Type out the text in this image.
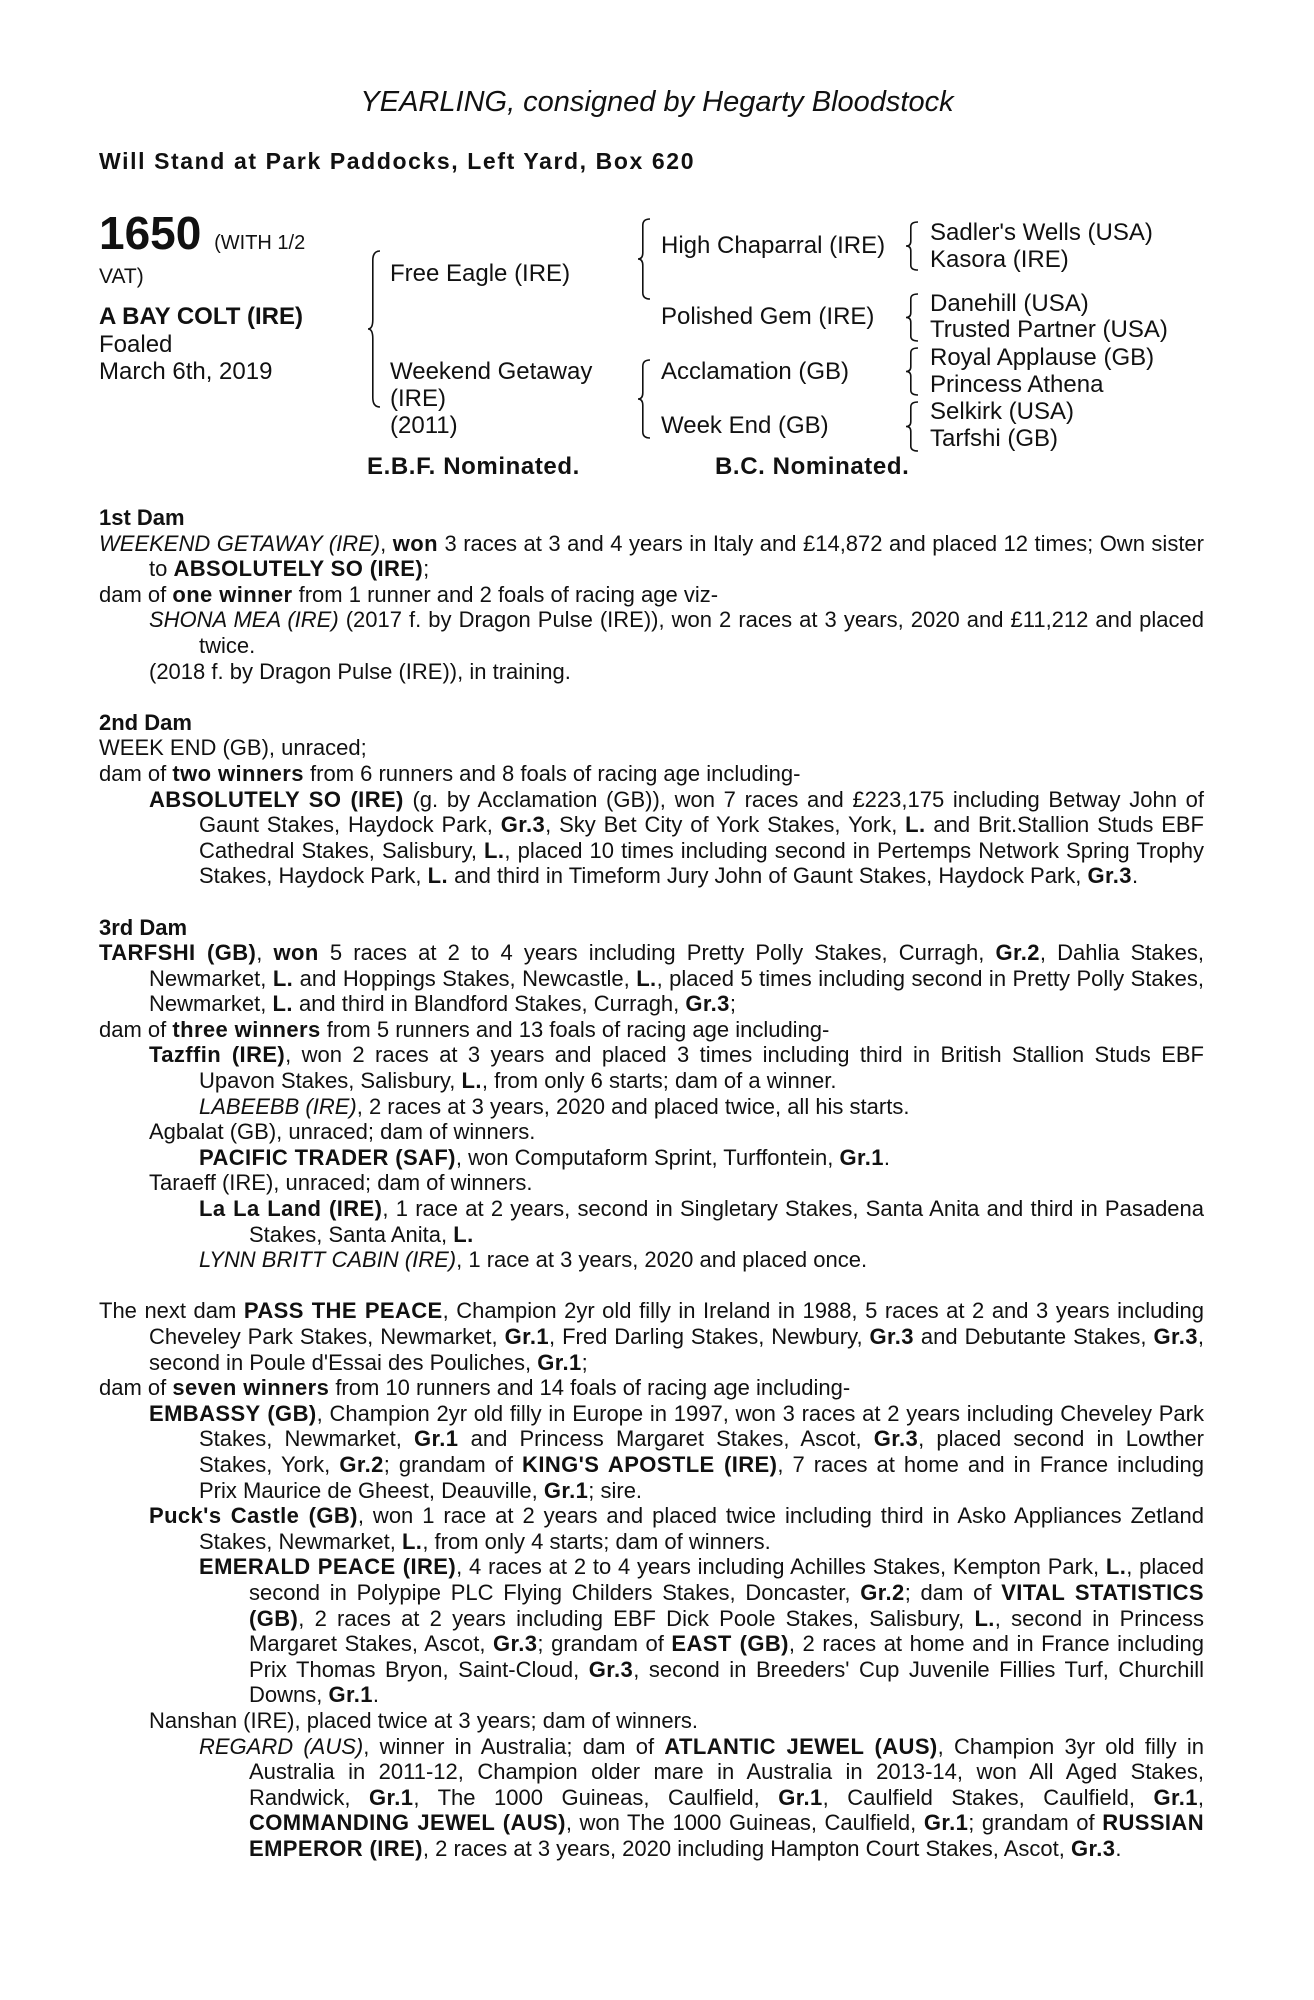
YEARLING, consigned by Hegarty Bloodstock
Will Stand at Park Paddocks, Left Yard, Box 620
1650 (WITH 1/2
VAT)
A BAY COLT (IRE)
Foaled
March 6th, 2019
Free Eagle (IRE)
Weekend Getaway
(IRE)
(2011)
High Chaparral (IRE)
Polished Gem (IRE)
Acclamation (GB)
Week End (GB)
Sadler's Wells (USA)
Kasora (IRE)
Danehill (USA)
Trusted Partner (USA)
Royal Applause (GB)
Princess Athena
Selkirk (USA)
Tarfshi (GB)
E.B.F. Nominated.	B.C. Nominated.
1st Dam
WEEKEND GETAWAY (IRE), won 3 races at 3 and 4 years in Italy and £14,872 and placed 12 times; Own sister to ABSOLUTELY SO (IRE);
dam of one winner from 1 runner and 2 foals of racing age viz-
SHONA MEA (IRE) (2017 f. by Dragon Pulse (IRE)), won 2 races at 3 years, 2020 and £11,212 and placed twice.
(2018 f. by Dragon Pulse (IRE)), in training.
2nd Dam
WEEK END (GB), unraced;
dam of two winners from 6 runners and 8 foals of racing age including-
ABSOLUTELY SO (IRE) (g. by Acclamation (GB)), won 7 races and £223,175 including Betway John of Gaunt Stakes, Haydock Park, Gr.3, Sky Bet City of York Stakes, York, L. and Brit.Stallion Studs EBF Cathedral Stakes, Salisbury, L., placed 10 times including second in Pertemps Network Spring Trophy Stakes, Haydock Park, L. and third in Timeform Jury John of Gaunt Stakes, Haydock Park, Gr.3.
3rd Dam
TARFSHI (GB), won 5 races at 2 to 4 years including Pretty Polly Stakes, Curragh, Gr.2, Dahlia Stakes, Newmarket, L. and Hoppings Stakes, Newcastle, L., placed 5 times including second in Pretty Polly Stakes, Newmarket, L. and third in Blandford Stakes, Curragh, Gr.3;
dam of three winners from 5 runners and 13 foals of racing age including-
Tazffin (IRE), won 2 races at 3 years and placed 3 times including third in British Stallion Studs EBF Upavon Stakes, Salisbury, L., from only 6 starts; dam of a winner.
LABEEBB (IRE), 2 races at 3 years, 2020 and placed twice, all his starts.
Agbalat (GB), unraced; dam of winners.
PACIFIC TRADER (SAF), won Computaform Sprint, Turffontein, Gr.1.
Taraeff (IRE), unraced; dam of winners.
La La Land (IRE), 1 race at 2 years, second in Singletary Stakes, Santa Anita and third in Pasadena Stakes, Santa Anita, L.
LYNN BRITT CABIN (IRE), 1 race at 3 years, 2020 and placed once.
The next dam PASS THE PEACE, Champion 2yr old filly in Ireland in 1988, 5 races at 2 and 3 years including Cheveley Park Stakes, Newmarket, Gr.1, Fred Darling Stakes, Newbury, Gr.3 and Debutante Stakes, Gr.3, second in Poule d'Essai des Pouliches, Gr.1;
dam of seven winners from 10 runners and 14 foals of racing age including-
EMBASSY (GB), Champion 2yr old filly in Europe in 1997, won 3 races at 2 years including Cheveley Park Stakes, Newmarket, Gr.1 and Princess Margaret Stakes, Ascot, Gr.3, placed second in Lowther Stakes, York, Gr.2; grandam of KING'S APOSTLE (IRE), 7 races at home and in France including Prix Maurice de Gheest, Deauville, Gr.1; sire.
Puck's Castle (GB), won 1 race at 2 years and placed twice including third in Asko Appliances Zetland Stakes, Newmarket, L., from only 4 starts; dam of winners.
EMERALD PEACE (IRE), 4 races at 2 to 4 years including Achilles Stakes, Kempton Park, L., placed second in Polypipe PLC Flying Childers Stakes, Doncaster, Gr.2; dam of VITAL STATISTICS (GB), 2 races at 2 years including EBF Dick Poole Stakes, Salisbury, L., second in Princess Margaret Stakes, Ascot, Gr.3; grandam of EAST (GB), 2 races at home and in France including Prix Thomas Bryon, Saint-Cloud, Gr.3, second in Breeders' Cup Juvenile Fillies Turf, Churchill Downs, Gr.1.
Nanshan (IRE), placed twice at 3 years; dam of winners.
REGARD (AUS), winner in Australia; dam of ATLANTIC JEWEL (AUS), Champion 3yr old filly in Australia in 2011-12, Champion older mare in Australia in 2013-14, won All Aged Stakes, Randwick, Gr.1, The 1000 Guineas, Caulfield, Gr.1, Caulfield Stakes, Caulfield, Gr.1, COMMANDING JEWEL (AUS), won The 1000 Guineas, Caulfield, Gr.1; grandam of RUSSIAN EMPEROR (IRE), 2 races at 3 years, 2020 including Hampton Court Stakes, Ascot, Gr.3.
